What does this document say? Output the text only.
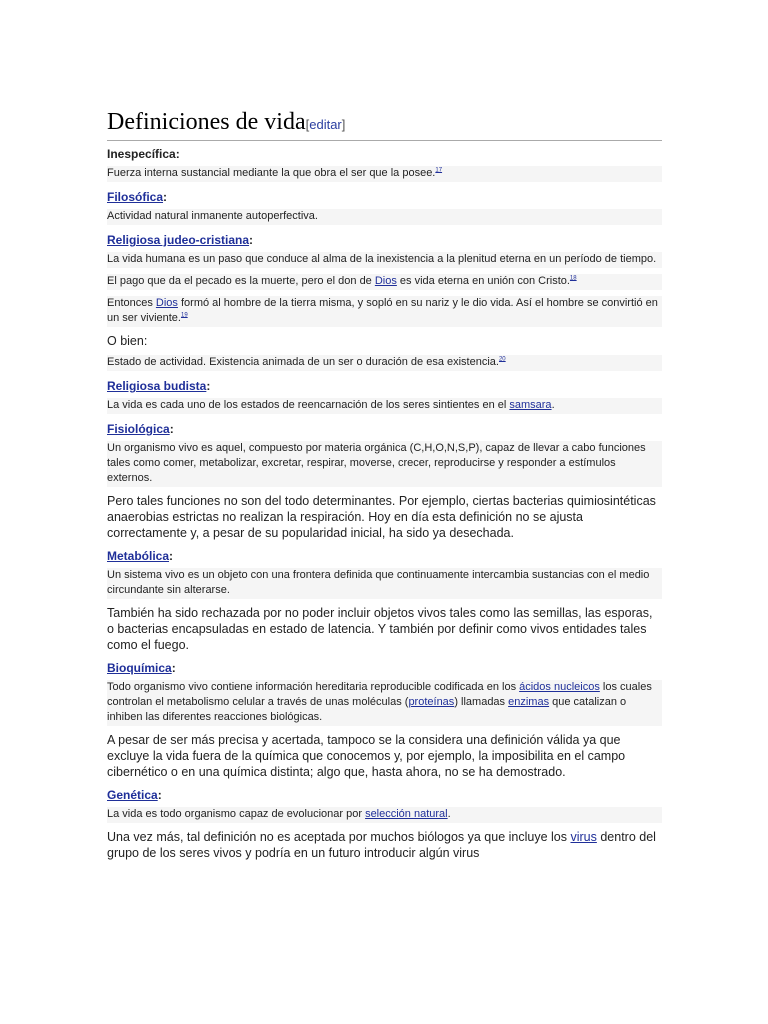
Definiciones de vida[editar]
Inespecífica:
Fuerza interna sustancial mediante la que obra el ser que la posee.$^{17}$
Filosófica:
Actividad natural inmanente autoperfectiva.
Religiosa judeo-cristiana:
La vida humana es un paso que conduce al alma de la inexistencia a la plenitud eterna en un período de tiempo.
El pago que da el pecado es la muerte, pero el don de Dios es vida eterna en unión con Cristo.$^{18}$
Entonces Dios formó al hombre de la tierra misma, y sopló en su nariz y le dio vida. Así el hombre se convirtió en un ser viviente.$^{19}$
O bien:
Estado de actividad. Existencia animada de un ser o duración de esa existencia.$^{20}$
Religiosa budista:
La vida es cada uno de los estados de reencarnación de los seres sintientes en el samsara.
Fisiológica:
Un organismo vivo es aquel, compuesto por materia orgánica (C,H,O,N,S,P), capaz de llevar a cabo funciones tales como comer, metabolizar, excretar, respirar, moverse, crecer, reproducirse y responder a estímulos externos.
Pero tales funciones no son del todo determinantes. Por ejemplo, ciertas bacterias quimiosintéticas anaerobias estrictas no realizan la respiración. Hoy en día esta definición no se ajusta correctamente y, a pesar de su popularidad inicial, ha sido ya desechada.
Metabólica:
Un sistema vivo es un objeto con una frontera definida que continuamente intercambia sustancias con el medio circundante sin alterarse.
También ha sido rechazada por no poder incluir objetos vivos tales como las semillas, las esporas, o bacterias encapsuladas en estado de latencia. Y también por definir como vivos entidades tales como el fuego.
Bioquímica:
Todo organismo vivo contiene información hereditaria reproducible codificada en los ácidos nucleicos los cuales controlan el metabolismo celular a través de unas moléculas (proteínas) llamadas enzimas que catalizan o inhiben las diferentes reacciones biológicas.
A pesar de ser más precisa y acertada, tampoco se la considera una definición válida ya que excluye la vida fuera de la química que conocemos y, por ejemplo, la imposibilita en el campo cibernético o en una química distinta; algo que, hasta ahora, no se ha demostrado.
Genética:
La vida es todo organismo capaz de evolucionar por selección natural.
Una vez más, tal definición no es aceptada por muchos biólogos ya que incluye los virus dentro del grupo de los seres vivos y podría en un futuro introducir algún virus
